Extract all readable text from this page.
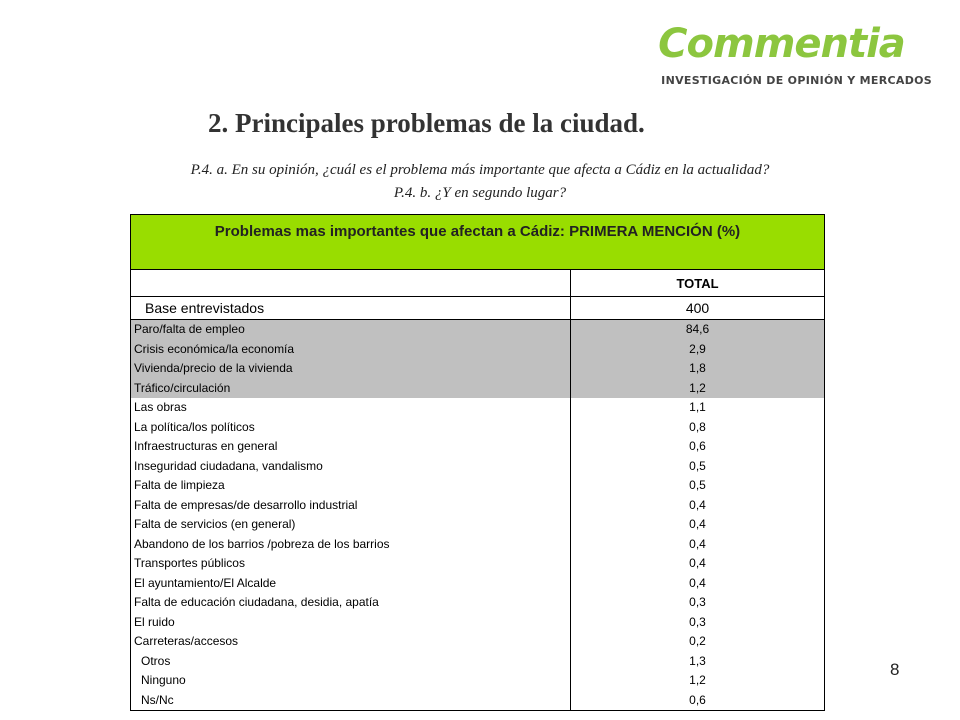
Commentia
INVESTIGACIÓN DE OPINIÓN Y MERCADOS
2. Principales problemas de la ciudad.
P.4. a. En su opinión, ¿cuál es el problema más importante que afecta a Cádiz en la actualidad?
P.4. b. ¿Y en segundo lugar?
Problemas mas importantes que afectan a Cádiz: PRIMERA MENCIÓN (%)
TOTAL
Base entrevistados	400
Paro/falta de empleo	84,6
Crisis económica/la economía	2,9
Vivienda/precio de la vivienda	1,8
Tráfico/circulación	1,2
Las obras	1,1
La política/los políticos	0,8
Infraestructuras en general	0,6
Inseguridad ciudadana, vandalismo	0,5
Falta de limpieza	0,5
Falta de empresas/de desarrollo industrial	0,4
Falta de servicios (en general)	0,4
Abandono de los barrios /pobreza de los barrios	0,4
Transportes públicos	0,4
El ayuntamiento/El Alcalde	0,4
Falta de educación ciudadana, desidia, apatía	0,3
El ruido	0,3
Carreteras/accesos	0,2
Otros	1,3
Ninguno	1,2
Ns/Nc	0,6
8
